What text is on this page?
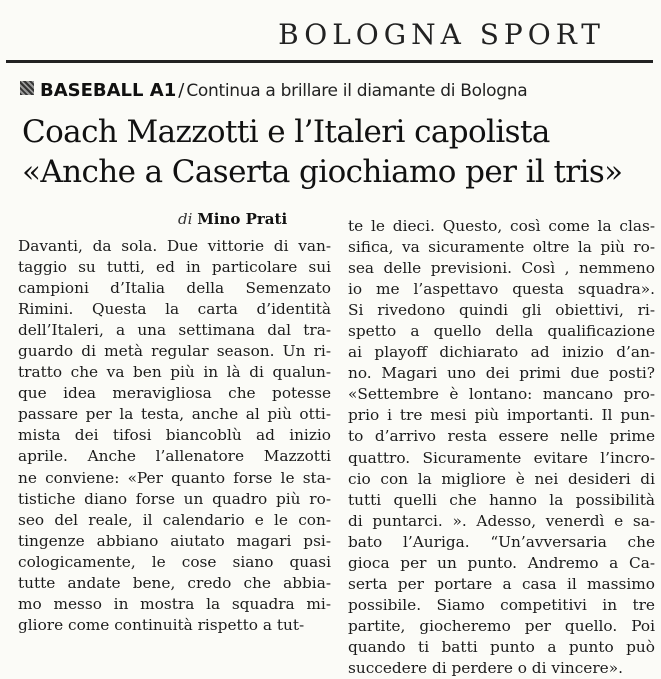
BOLOGNA SPORT
BASEBALL A1 / Continua a brillare il diamante di Bologna
Coach Mazzotti e l’Italeri capolista
«Anche a Caserta giochiamo per il tris»
di Mino Prati
Davanti, da sola. Due vittorie di van-
taggio su tutti, ed in particolare sui
campioni d’Italia della Semenzato
Rimini. Questa la carta d’identità
dell’Italeri, a una settimana dal tra-
guardo di metà regular season. Un ri-
tratto che va ben più in là di qualun-
que idea meravigliosa che potesse
passare per la testa, anche al più otti-
mista dei tifosi biancoblù ad inizio
aprile. Anche l’allenatore Mazzotti
ne conviene: «Per quanto forse le sta-
tistiche diano forse un quadro più ro-
seo del reale, il calendario e le con-
tingenze abbiano aiutato magari psi-
cologicamente, le cose siano quasi
tutte andate bene, credo che abbia-
mo messo in mostra la squadra mi-
gliore come continuità rispetto a tut-
te le dieci. Questo, così come la clas-
sifica, va sicuramente oltre la più ro-
sea delle previsioni. Così , nemmeno
io me l’aspettavo questa squadra».
Si rivedono quindi gli obiettivi, ri-
spetto a quello della qualificazione
ai playoff dichiarato ad inizio d’an-
no. Magari uno dei primi due posti?
«Settembre è lontano: mancano pro-
prio i tre mesi più importanti. Il pun-
to d’arrivo resta essere nelle prime
quattro. Sicuramente evitare l’incro-
cio con la migliore è nei desideri di
tutti quelli che hanno la possibilità
di puntarci. ». Adesso, venerdì e sa-
bato l’Auriga. “Un’avversaria che
gioca per un punto. Andremo a Ca-
serta per portare a casa il massimo
possibile. Siamo competitivi in tre
partite, giocheremo per quello. Poi
quando ti batti punto a punto può
succedere di perdere o di vincere».
